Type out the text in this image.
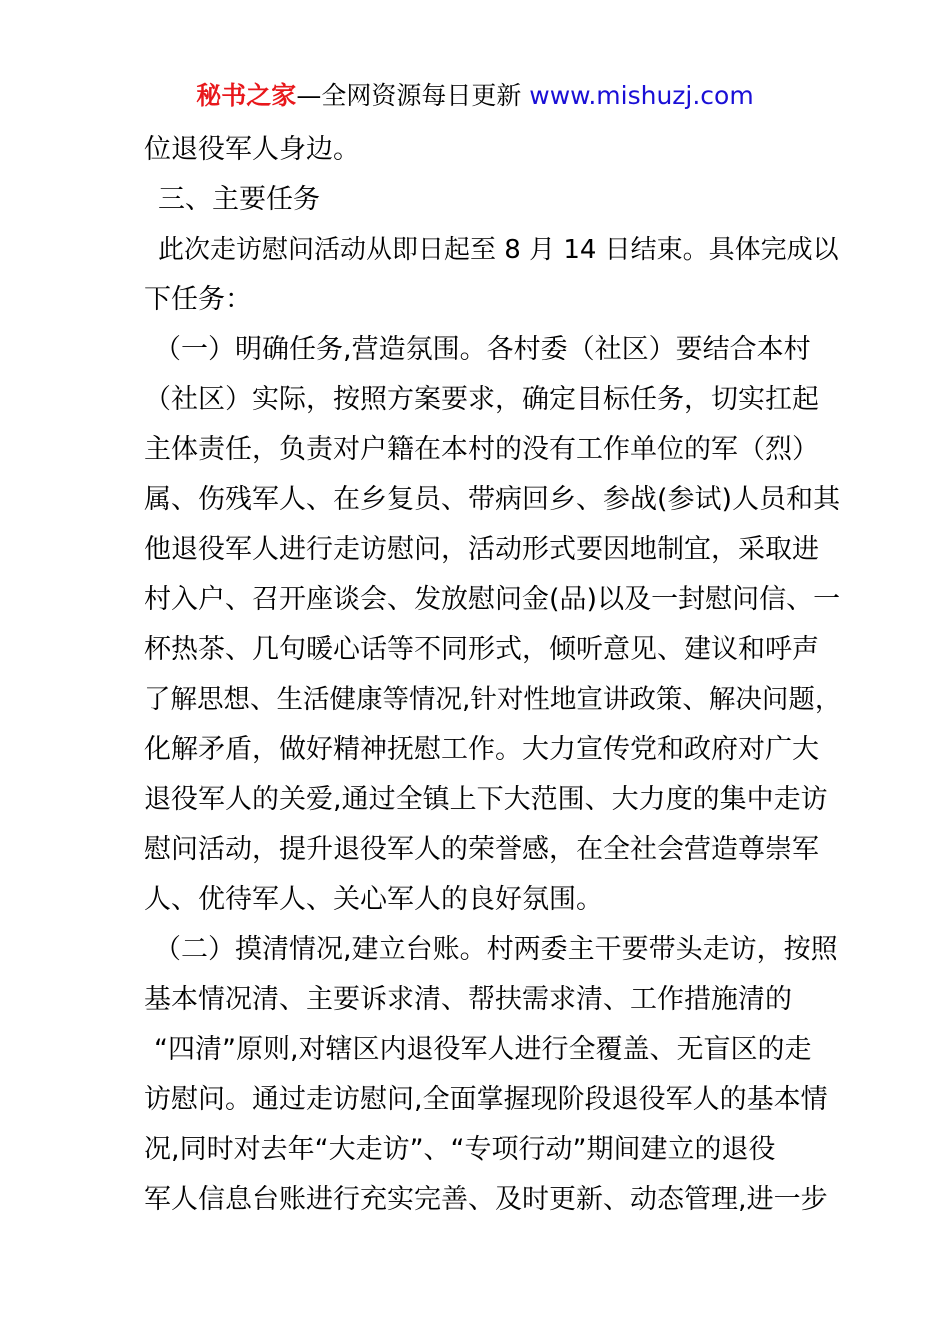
秘书之家—全网资源每日更新 www.mishuzj.com
位退役军人身边。
三、主要任务
此次走访慰问活动从即日起至 8 月 14 日结束。具体完成以
下任务：
（一）明确任务,营造氛围。各村委（社区）要结合本村
（社区）实际，按照方案要求，确定目标任务，切实扛起
主体责任，负责对户籍在本村的没有工作单位的军（烈）
属、伤残军人、在乡复员、带病回乡、参战(参试)人员和其
他退役军人进行走访慰问，活动形式要因地制宜，采取进
村入户、召开座谈会、发放慰问金(品)以及一封慰问信、一
杯热茶、几句暖心话等不同形式，倾听意见、建议和呼声
了解思想、生活健康等情况,针对性地宣讲政策、解决问题，
化解矛盾，做好精神抚慰工作。大力宣传党和政府对广大
退役军人的关爱,通过全镇上下大范围、大力度的集中走访
慰问活动，提升退役军人的荣誉感，在全社会营造尊崇军
人、优待军人、关心军人的良好氛围。
（二）摸清情况,建立台账。村两委主干要带头走访，按照
基本情况清、主要诉求清、帮扶需求清、工作措施清的
“四清”原则,对辖区内退役军人进行全覆盖、无盲区的走
访慰问。通过走访慰问,全面掌握现阶段退役军人的基本情
况,同时对去年“大走访”、“专项行动”期间建立的退役
军人信息台账进行充实完善、及时更新、动态管理,进一步
